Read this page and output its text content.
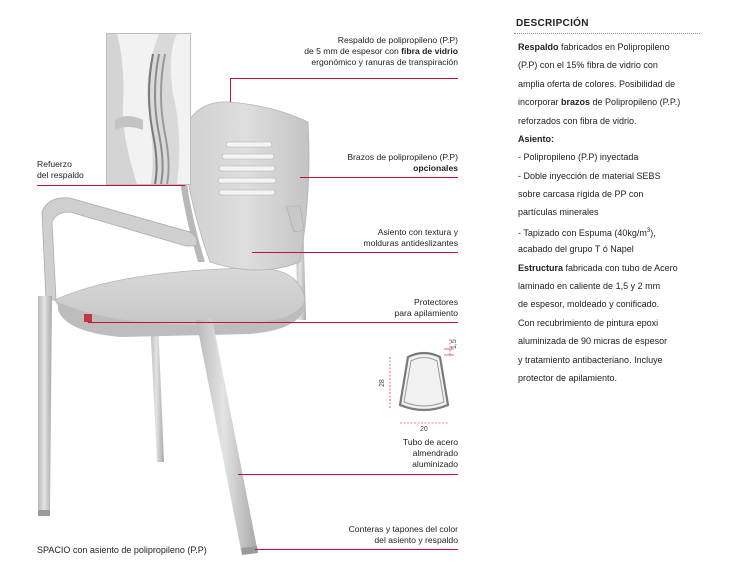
Respaldo de polipropileno (P.P)
de 5 mm de espesor con fibra de vidrio
ergonómico y ranuras de transpiración
Refuerzo
del respaldo
Brazos de polipropileno (P.P)
opcionales
Asiento con textura y
molduras antideslizantes
Protectores
para apilamiento
28
20
1,5
Tubo de acero
almendrado
aluminizado
Conteras y tapones del color
del asiento y respaldo
SPACIO con asiento de polipropileno (P.P)
DESCRIPCIÓN
Respaldo fabricados en Polipropileno
(P.P) con el 15% fibra de vidrio con
amplia oferta de colores. Posibilidad de
incorporar brazos de Polipropileno (P.P.)
reforzados con fibra de vidrio.
Asiento:
- Polipropileno (P.P) inyectada
- Doble inyección de material SEBS
sobre carcasa rígida de PP con
partículas minerales
- Tapizado con Espuma $(40kg/m^3)$,
acabado del grupo T ó Napel
Estructura fabricada con tubo de Acero
laminado en caliente de 1,5 y 2 mm
de espesor, moldeado y conificado.
Con recubrimiento de pintura epoxi
aluminizada de 90 micras de espesor
y tratamiento antibacteriano. Incluye
protector de apilamiento.
